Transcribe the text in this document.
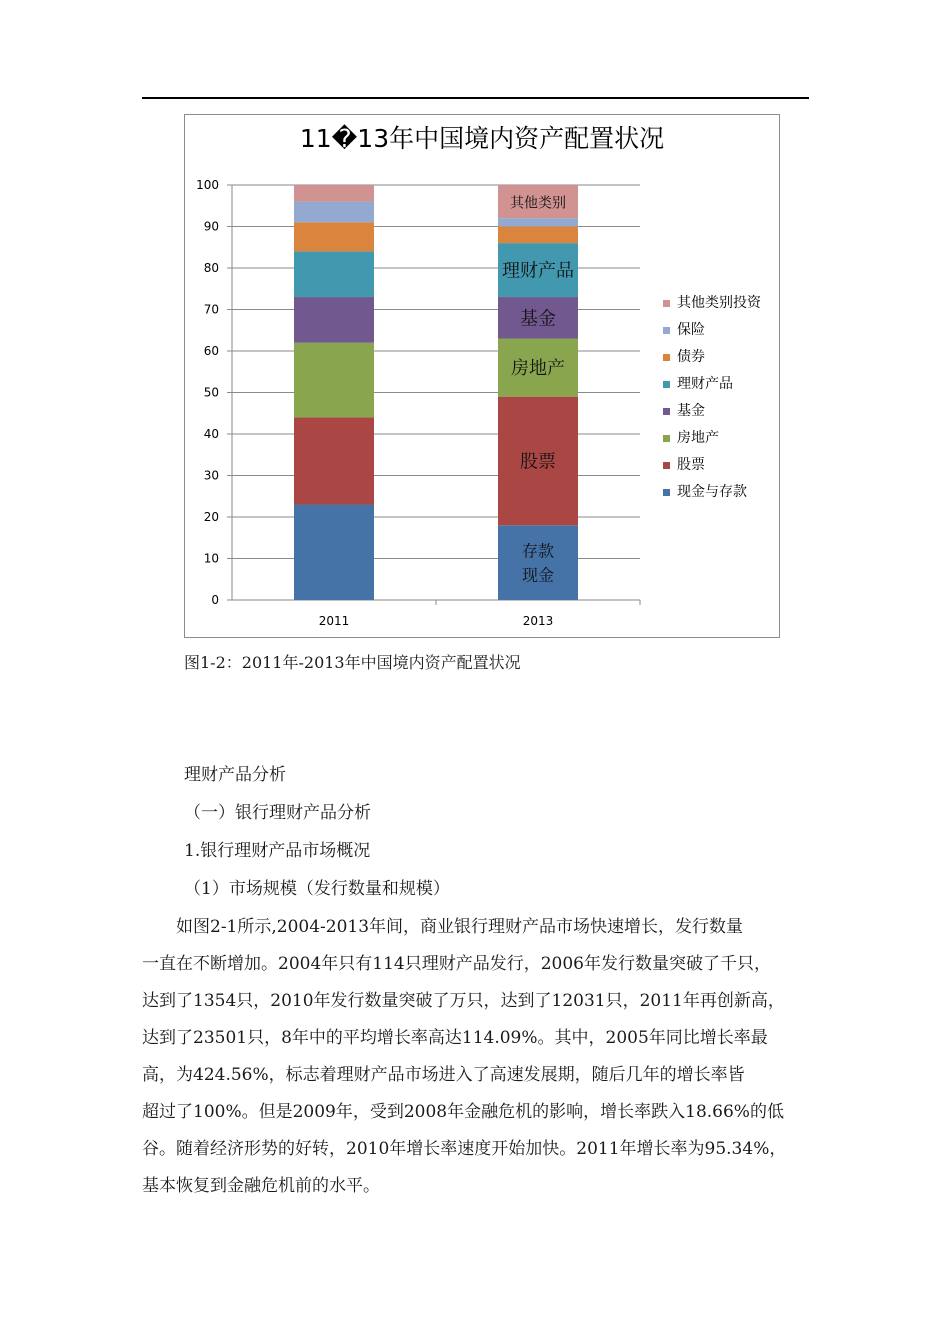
11�13年中国境内资产配置状况
0
10
20
30
40
50
60
70
80
90
100
2011	2013
存款
现金
股票
房地产
基金
理财产品
其他类别
其他类别投资
保险
债券
理财产品
基金
房地产
股票
现金与存款
图1-2：2011年-2013年中国境内资产配置状况
理财产品分析
（一）银行理财产品分析
1.银行理财产品市场概况
（1）市场规模（发行数量和规模）
　　如图2-1所示,2004-2013年间，商业银行理财产品市场快速增长，发行数量
一直在不断增加。2004年只有114只理财产品发行，2006年发行数量突破了千只，
达到了1354只，2010年发行数量突破了万只，达到了12031只，2011年再创新高，
达到了23501只，8年中的平均增长率高达114.09%。其中，2005年同比增长率最
高，为424.56%，标志着理财产品市场进入了高速发展期，随后几年的增长率皆
超过了100%。但是2009年，受到2008年金融危机的影响，增长率跌入18.66%的低
谷。随着经济形势的好转，2010年增长率速度开始加快。2011年增长率为95.34%，
基本恢复到金融危机前的水平。
